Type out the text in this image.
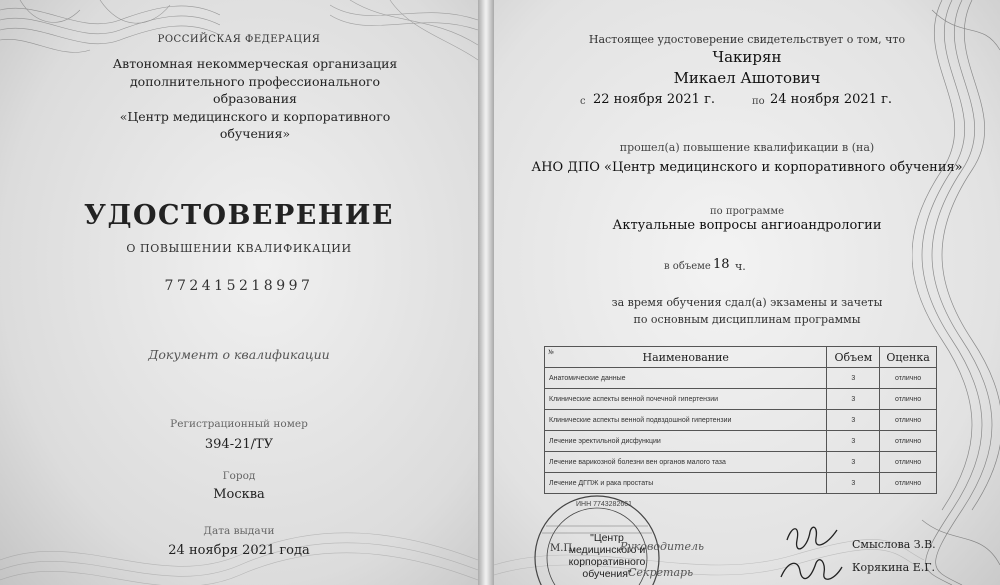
РОССИЙСКАЯ ФЕДЕРАЦИЯ
Автономная некоммерческая организация
дополнительного профессионального
образования
«Центр медицинского и корпоративного
обучения»
УДОСТОВЕРЕНИЕ
О ПОВЫШЕНИИ КВАЛИФИКАЦИИ
772415218997
Документ о квалификации
Регистрационный номер
394-21/ТУ
Город
Москва
Дата выдачи
24 ноября 2021 года
Настоящее удостоверение свидетельствует о том, что
Чакирян
Микаел Ашотович
с 22 ноября 2021 г.	по 24 ноября 2021 г.
прошел(а) повышение квалификации в (на)
АНО ДПО «Центр медицинского и корпоративного обучения»
по программе
Актуальные вопросы ангиоандрологии
в объеме 18 ч.
за время обучения сдал(а) экзамены и зачеты
по основным дисциплинам программы
№ Наименование	Объем	Оценка
Анатомические данные	3	отлично
Клинические аспекты венной почечной гипертензии	3	отлично
Клинические аспекты венной подвздошной гипертензии	3	отлично
Лечение эректильной дисфункции	3	отлично
Лечение варикозной болезни вен органов малого таза	3	отлично
Лечение ДГПЖ и рака простаты	3	отлично
ИНН 7743282661
М.П.
"Центр
медицинского и
корпоративного
обучения"
Руководитель
Секретарь
Смыслова З.В.
Корякина Е.Г.
